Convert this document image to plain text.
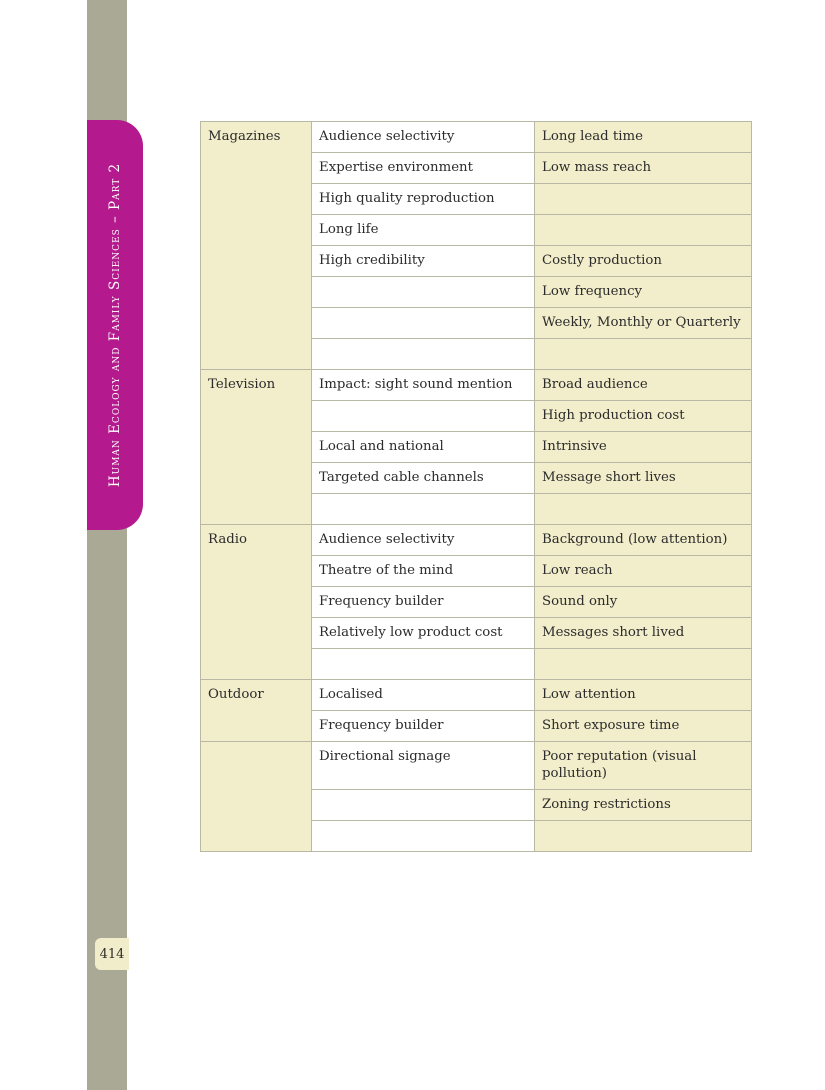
Human Ecology and Family Sciences – Part 2
414
Magazines	Audience selectivity	Long lead time
	Expertise environment	Low mass reach
	High quality reproduction	
	Long life	
	High credibility	Costly production
		Low frequency
		Weekly, Monthly or Quarterly

Television	Impact: sight sound mention	Broad audience
		High production cost
	Local and national	Intrinsive
	Targeted cable channels	Message short lives

Radio	Audience selectivity	Background (low attention)
	Theatre of the mind	Low reach
	Frequency builder	Sound only
	Relatively low product cost	Messages short lived

Outdoor	Localised	Low attention
	Frequency builder	Short exposure time
	Directional signage	Poor reputation (visual pollution)
		Zoning restrictions
